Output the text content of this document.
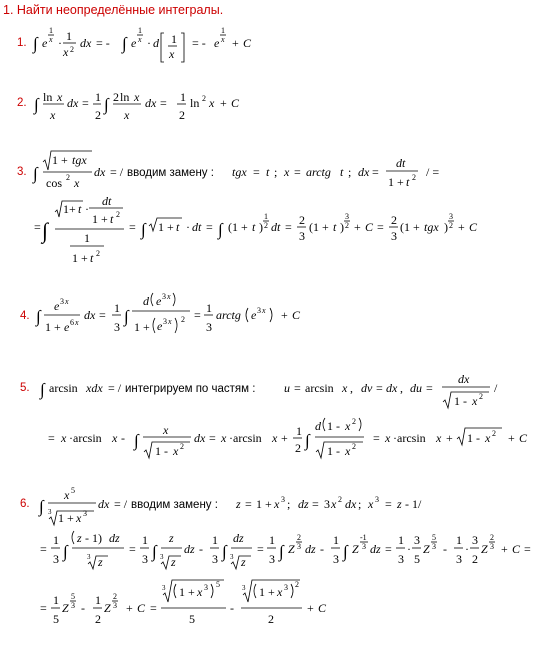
1. Найти неопределённые интегралы.
1.
2.
3.
4.
5.
6.
∫ e
1
x · 1
x 2 dx = - ∫ e
1
x · d 1
x
= - e
1
x + C
∫ ln x
x
dx = 1
2
∫ 2 ln x
x
dx = 1
2
ln 2 x + C
∫
1 + tgx
cos 2 x
dx = / вводим замену : tgx = t ; x = arctg t ; dx =
dt
1 + t 2 / =
= ∫
1+ t ·
dt
1 + t 2
1
1 + t 2
= ∫ 1 + t · dt = ∫ (1 + t )
1
2 dt = 2
3
(1 + t )
3
2 + C = 2
3
(1 + tgx )
3
2 + C
∫
e 3 x
1 + e 6 x
dx = 1
3
∫
d e 3 x
1 + e 3 x 2 = 1
3
arctg e 3 x + C
∫ arcsin xdx = / интегрируем по частям : u = arcsin x , dv = dx , du =
dx
1 - x 2
/
= x ·arcsin x - ∫
x
1 - x 2
dx = x ·arcsin x + 1
2 ∫
d 1 - x 2
1 - x 2
= x ·arcsin x + 1 - x 2 + C
∫
x 5
3 1 + x 3
dx = / вводим замену : z = 1 + x 3 ; dz = 3 x 2 dx ; x 3 = z - 1/
=
1
3 ∫
z - 1) dz
3 z
=
1
3 ∫
z
3 z
dz -
1
3 ∫
dz
3 z
=
1
3 ∫ Z
2
3 dz -
1
3 ∫ Z
-1
3 dz =
1
3
·
3
5
Z
5
3 -
1
3
·
3
2
Z
2
3 + C =
=
1
5
Z
5
3 -
1
2
Z
2
3 + C =
3 1 + x 3 5
5
-
3 1 + x 3 2
2
+ C
